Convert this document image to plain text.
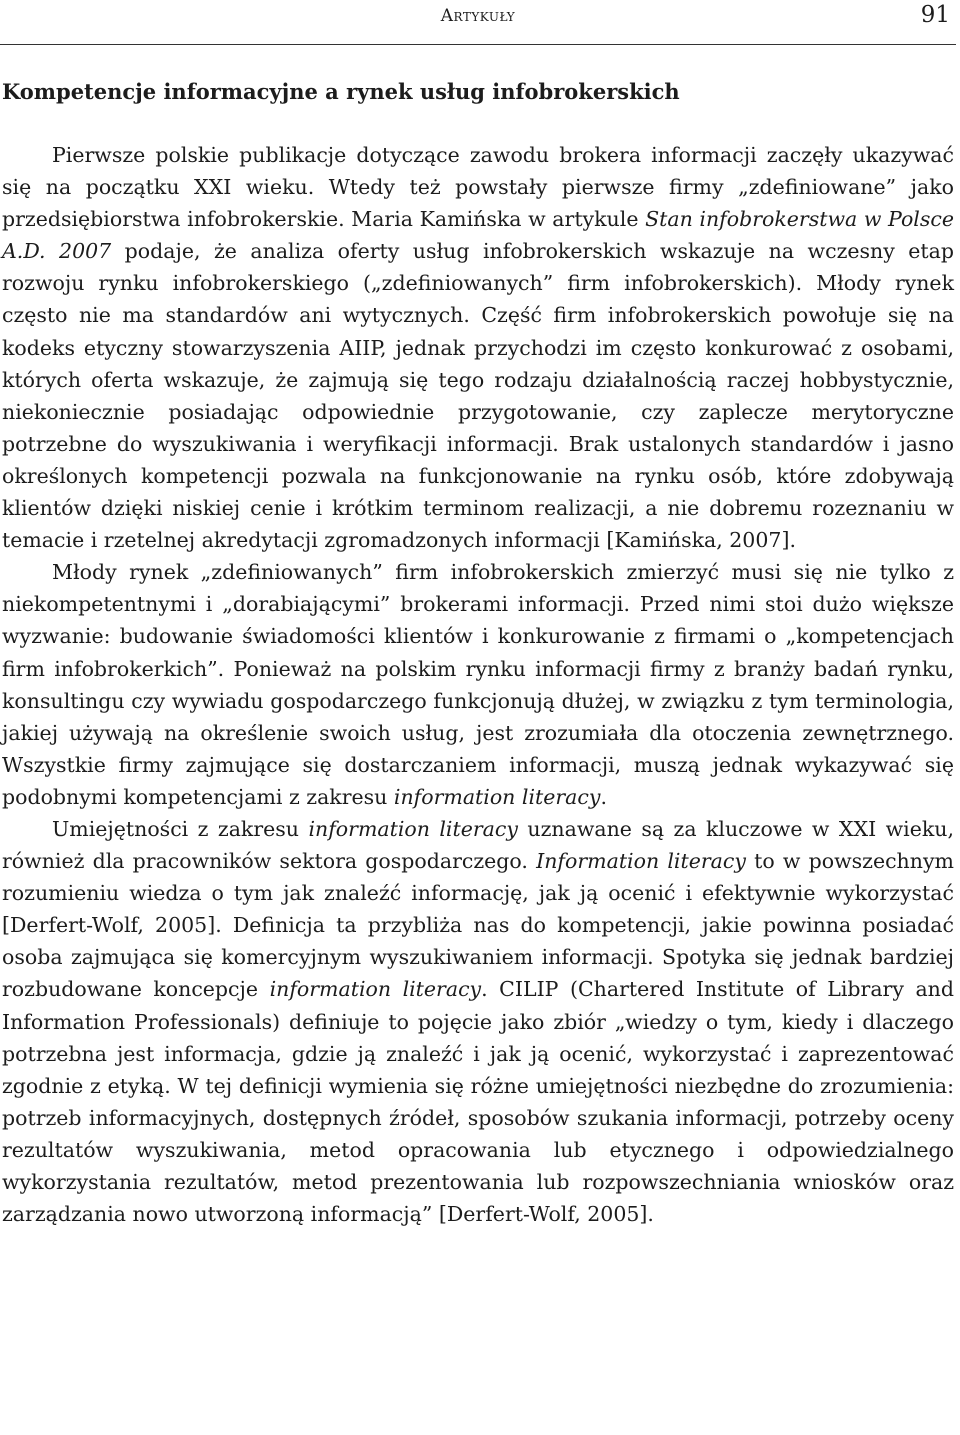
Artykuły	91
Kompetencje informacyjne a rynek usług infobrokerskich

Pierwsze polskie publikacje dotyczące zawodu brokera informacji zaczęły ukazywać się na początku XXI wieku. Wtedy też powstały pierwsze firmy „zdefiniowane” jako przedsiębiorstwa infobrokerskie. Maria Kamińska w artykule Stan infobrokerstwa w Polsce A.D. 2007 podaje, że analiza oferty usług infobrokerskich wskazuje na wczesny etap rozwoju rynku infobrokerskiego („zdefiniowanych” firm infobrokerskich). Młody rynek często nie ma standardów ani wytycznych. Część firm infobrokerskich powołuje się na kodeks etyczny stowarzyszenia AIIP, jednak przychodzi im często konkurować z osobami, których oferta wskazuje, że zajmują się tego rodzaju działalnością raczej hobbystycznie, niekoniecznie posiadając odpowiednie przygotowanie, czy zaplecze merytoryczne potrzebne do wyszukiwania i weryfikacji informacji. Brak ustalonych standardów i jasno określonych kompetencji pozwala na funkcjonowanie na rynku osób, które zdobywają klientów dzięki niskiej cenie i krótkim terminom realizacji, a nie dobremu rozeznaniu w temacie i rzetelnej akredytacji zgromadzonych informacji [Kamińska, 2007].

Młody rynek „zdefiniowanych” firm infobrokerskich zmierzyć musi się nie tylko z niekompetentnymi i „dorabiającymi” brokerami informacji. Przed nimi stoi dużo większe wyzwanie: budowanie świadomości klientów i konkurowanie z firmami o „kompetencjach firm infobrokerkich”. Ponieważ na polskim rynku informacji firmy z branży badań rynku, konsultingu czy wywiadu gospodarczego funkcjonują dłużej, w związku z tym terminologia, jakiej używają na określenie swoich usług, jest zrozumiała dla otoczenia zewnętrznego. Wszystkie firmy zajmujące się dostarczaniem informacji, muszą jednak wykazywać się podobnymi kompetencjami z zakresu information literacy.

Umiejętności z zakresu information literacy uznawane są za kluczowe w XXI wieku, również dla pracowników sektora gospodarczego. Information literacy to w powszechnym rozumieniu wiedza o tym jak znaleźć informację, jak ją ocenić i efektywnie wykorzystać [Derfert-Wolf, 2005]. Definicja ta przybliża nas do kompetencji, jakie powinna posiadać osoba zajmująca się komercyjnym wyszukiwaniem informacji. Spotyka się jednak bardziej rozbudowane koncepcje information literacy. CILIP (Chartered Institute of Library and Information Professionals) definiuje to pojęcie jako zbiór „wiedzy o tym, kiedy i dlaczego potrzebna jest informacja, gdzie ją znaleźć i jak ją ocenić, wykorzystać i zaprezentować zgodnie z etyką. W tej definicji wymienia się różne umiejętności niezbędne do zrozumienia: potrzeb informacyjnych, dostępnych źródeł, sposobów szukania informacji, potrzeby oceny rezultatów wyszukiwania, metod opracowania lub etycznego i odpowiedzialnego wykorzystania rezultatów, metod prezentowania lub rozpowszechniania wniosków oraz zarządzania nowo utworzoną informacją” [Derfert-Wolf, 2005].
